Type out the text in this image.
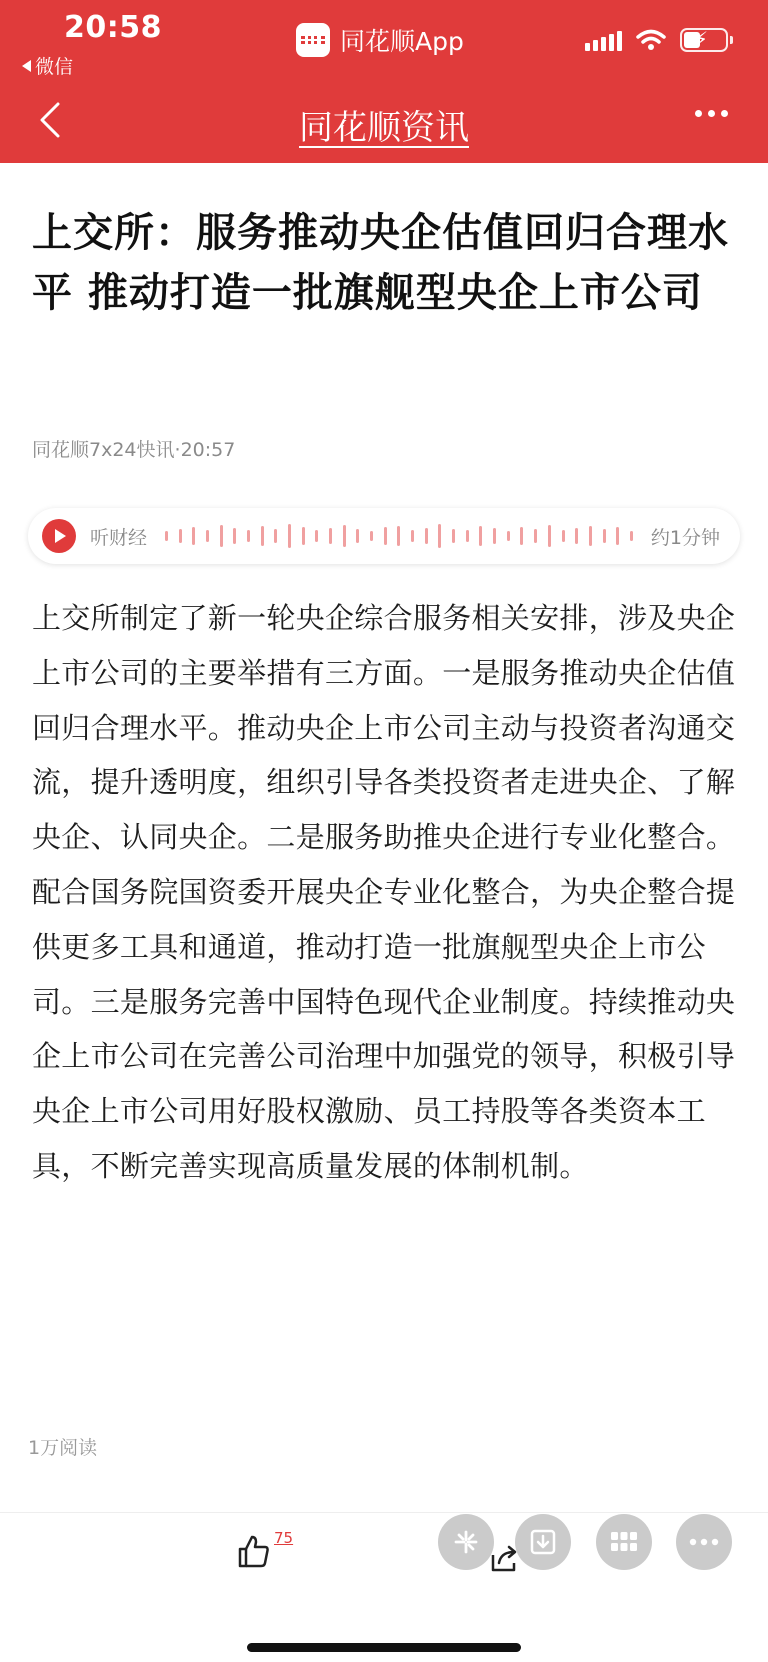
20:58
微信
同花顺App	⚡
同花顺资讯
上交所：服务推动央企估值回归合理水平 推动打造一批旗舰型央企上市公司
同花顺7x24快讯·20:57
听财经	约1分钟
上交所制定了新一轮央企综合服务相关安排，涉及央企上市公司的主要举措有三方面。一是服务推动央企估值回归合理水平。推动央企上市公司主动与投资者沟通交流，提升透明度，组织引导各类投资者走进央企、了解央企、认同央企。二是服务助推央企进行专业化整合。配合国务院国资委开展央企专业化整合，为央企整合提供更多工具和通道，推动打造一批旗舰型央企上市公司。三是服务完善中国特色现代企业制度。持续推动央企上市公司在完善公司治理中加强党的领导，积极引导央企上市公司用好股权激励、员工持股等各类资本工具，不断完善实现高质量发展的体制机制。
1万阅读
75
